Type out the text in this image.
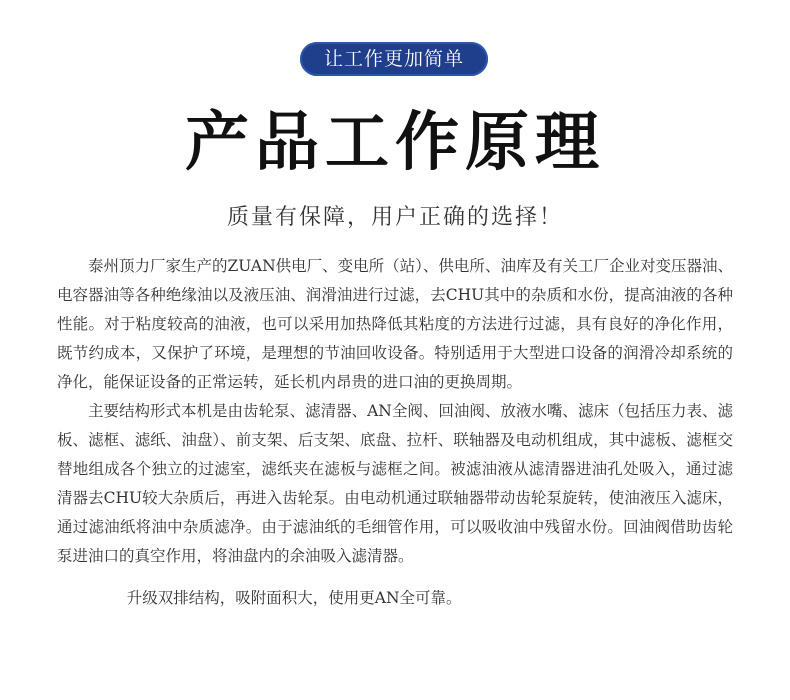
让工作更加简单
产品工作原理
质量有保障，用户正确的选择！

泰州顶力厂家生产的ZUAN供电厂、变电所（站）、供电所、油库及有关工厂企业对变压器油、电容器油等各种绝缘油以及液压油、润滑油进行过滤，去CHU其中的杂质和水份，提高油液的各种性能。对于粘度较高的油液，也可以采用加热降低其粘度的方法进行过滤，具有良好的净化作用，既节约成本，又保护了环境，是理想的节油回收设备。特别适用于大型进口设备的润滑冷却系统的净化，能保证设备的正常运转，延长机内昂贵的进口油的更换周期。

主要结构形式本机是由齿轮泵、滤清器、AN全阀、回油阀、放液水嘴、滤床（包括压力表、滤板、滤框、滤纸、油盘）、前支架、后支架、底盘、拉杆、联轴器及电动机组成，其中滤板、滤框交替地组成各个独立的过滤室，滤纸夹在滤板与滤框之间。被滤油液从滤清器进油孔处吸入，通过滤清器去CHU较大杂质后，再进入齿轮泵。由电动机通过联轴器带动齿轮泵旋转，使油液压入滤床，通过滤油纸将油中杂质滤净。由于滤油纸的毛细管作用，可以吸收油中残留水份。回油阀借助齿轮泵进油口的真空作用，将油盘内的余油吸入滤清器。

升级双排结构，吸附面积大，使用更AN全可靠。
